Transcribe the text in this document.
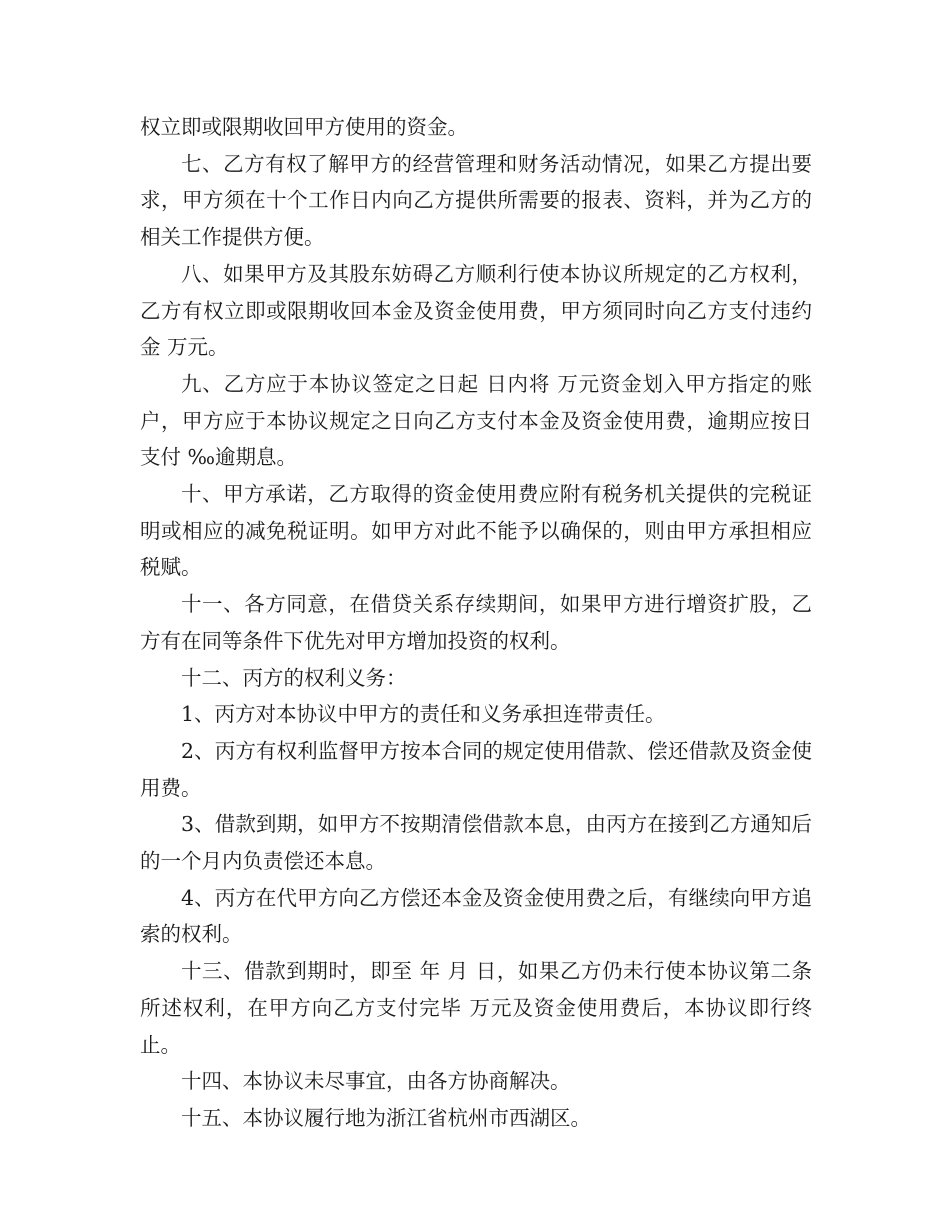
权立即或限期收回甲方使用的资金。

七、乙方有权了解甲方的经营管理和财务活动情况，如果乙方提出要求，甲方须在十个工作日内向乙方提供所需要的报表、资料，并为乙方的相关工作提供方便。

八、如果甲方及其股东妨碍乙方顺利行使本协议所规定的乙方权利，乙方有权立即或限期收回本金及资金使用费，甲方须同时向乙方支付违约金 万元。

九、乙方应于本协议签定之日起 日内将 万元资金划入甲方指定的账户，甲方应于本协议规定之日向乙方支付本金及资金使用费，逾期应按日支付 ‰逾期息。

十、甲方承诺，乙方取得的资金使用费应附有税务机关提供的完税证明或相应的减免税证明。如甲方对此不能予以确保的，则由甲方承担相应税赋。

十一、各方同意，在借贷关系存续期间，如果甲方进行增资扩股，乙方有在同等条件下优先对甲方增加投资的权利。

十二、丙方的权利义务：

1、丙方对本协议中甲方的责任和义务承担连带责任。

2、丙方有权利监督甲方按本合同的规定使用借款、偿还借款及资金使用费。

3、借款到期，如甲方不按期清偿借款本息，由丙方在接到乙方通知后的一个月内负责偿还本息。

4、丙方在代甲方向乙方偿还本金及资金使用费之后，有继续向甲方追索的权利。

十三、借款到期时，即至 年 月 日，如果乙方仍未行使本协议第二条所述权利，在甲方向乙方支付完毕 万元及资金使用费后，本协议即行终止。

十四、本协议未尽事宜，由各方协商解决。

十五、本协议履行地为浙江省杭州市西湖区。
